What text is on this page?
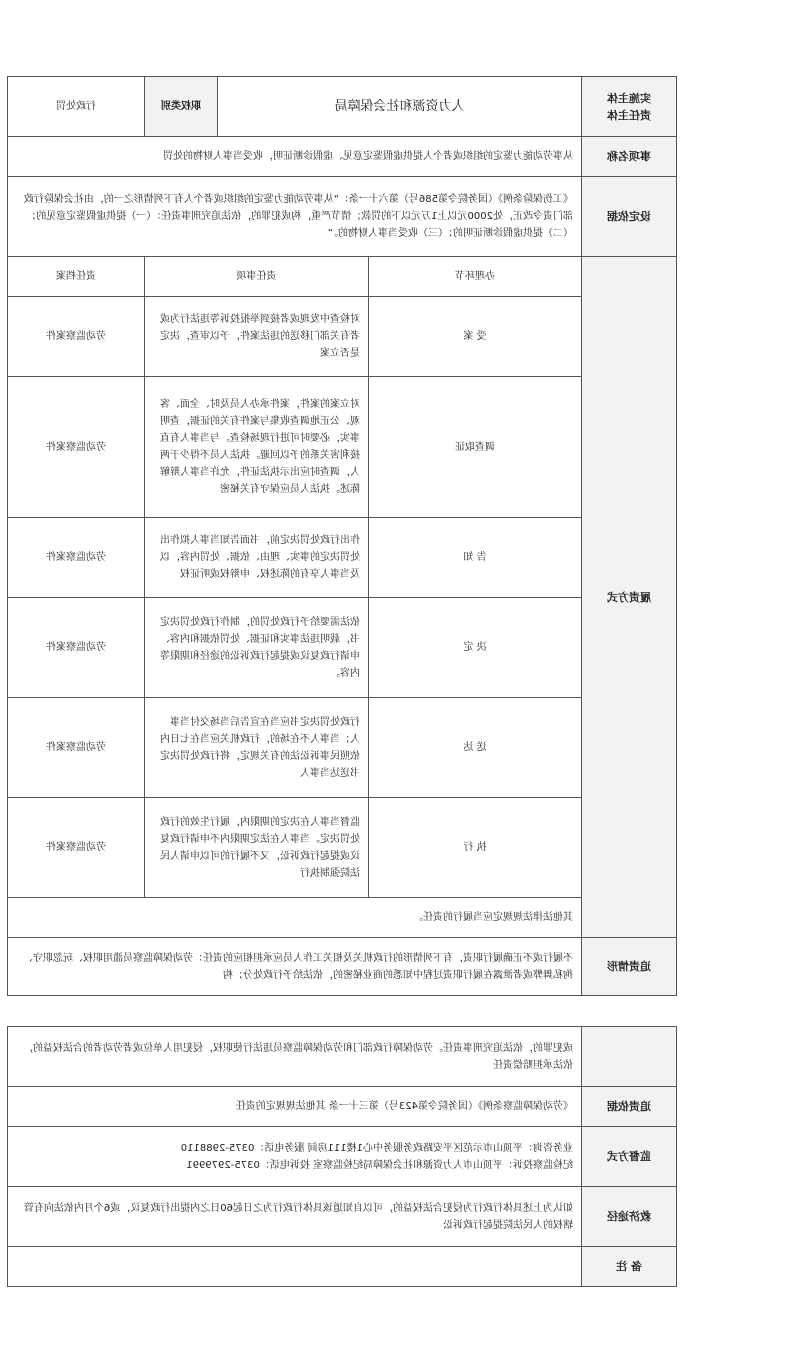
实施主体
责任主体	人力资源和社会保障局		职权类别	行政处罚
事项名称	从事劳动能力鉴定的组织或者个人提供虚假鉴定意见、虚假诊断证明，收受当事人财物的处罚			
设定依据	《工伤保险条例》（国务院令第586号）第六十一条：“从事劳动能力鉴定的组织或者个人有下列情形之一的，由社会保险行政部门责令改正，处2000元以上1万元以下的罚款；情节严重，构成犯罪的，依法追究刑事责任：（一）提供虚假鉴定意见的；（二）提供虚假诊断证明的；（三）收受当事人财物的。”			
履责方式	办理环节	责任事项		责任档案
	受 案	对检查中发现或者接到举报投诉等违法行为或者有关部门移送的违法案件，予以审查，决定是否立案		劳动监察案件
	调查取证	对立案的案件，案件承办人员及时、全面、客观、公正地调查收集与案件有关的证据，查明事实，必要时可进行现场检查。与当事人有直接利害关系的予以回避。执法人员不得少于两人，调查时应出示执法证件，允许当事人辩解陈述。执法人员应保守有关秘密		劳动监察案件
	告 知	作出行政处罚决定前，书面告知当事人拟作出处罚决定的事实、理由、依据、处罚内容，以及当事人享有的陈述权、申辩权或听证权		劳动监察案件
	决 定	依法需要给予行政处罚的，制作行政处罚决定书，载明违法事实和证据、处罚依据和内容、申请行政复议或提起行政诉讼的途径和期限等内容。		劳动监察案件
	送 达	行政处罚决定书应当在宣告后当场交付当事人；当事人不在场的，行政机关应当在七日内依照民事诉讼法的有关规定，将行政处罚决定书送达当事人		劳动监察案件
	执 行	监督当事人在决定的期限内，履行生效的行政处罚决定。当事人在法定期限内不申请行政复议或提起行政诉讼，又不履行的可以申请人民法院强制执行		劳动监察案件
	其他法律法规规定应当履行的责任。			
追责情形	不履行或不正确履行职责，有下列情形的行政机关及相关工作人员应承担相应的责任：劳动保障监察员滥用职权、玩忽职守、徇私舞弊或者泄露在履行职责过程中知悉的商业秘密的，依法给予行政处分；构			
	成犯罪的，依法追究刑事责任。劳动保障行政部门和劳动保障监察员违法行使职权，侵犯用人单位或者劳动者的合法权益的，依法承担赔偿责任
追责依据	《劳动保障监察条例》（国务院令第423号）第三十一条 其他法规规定的责任
监督方式	业务咨询：平顶山市示范区平安路政务服务中心1楼111房间 服务电话：0375-2988110
纪检监察投诉：平顶山市人力资源和社会保障局纪检监察室 投诉电话：0375-2979991

救济途径	如认为上述具体行政行为侵犯合法权益的，可以自知道该具体行政行为之日起60日之内提出行政复议，或6个月内依法向有管辖权的人民法院提起行政诉讼
备 注	
